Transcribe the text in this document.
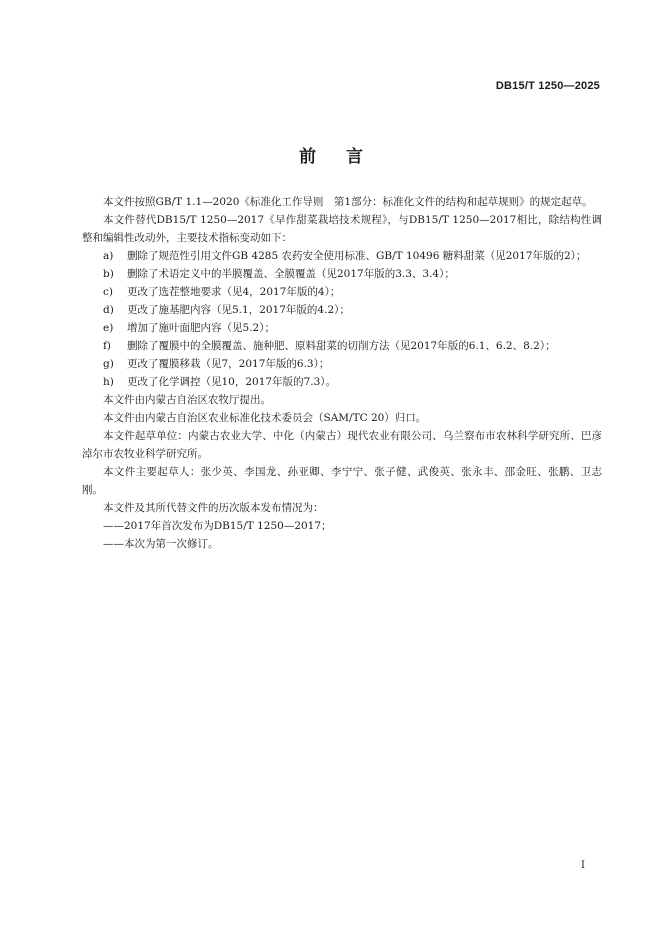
DB15/T 1250—2025
前言

本文件按照GB/T 1.1—2020《标准化工作导则　第1部分：标准化文件的结构和起草规则》的规定起草。

本文件替代DB15/T 1250—2017《早作甜菜栽培技术规程》，与DB15/T 1250—2017相比，除结构性调整和编辑性改动外，主要技术指标变动如下：

a) 删除了规范性引用文件GB 4285 农药安全使用标准、GB/T 10496 糖料甜菜（见2017年版的2）；

b) 删除了术语定义中的半膜覆盖、全膜覆盖（见2017年版的3.3、3.4）；

c) 更改了选茬整地要求（见4，2017年版的4）；

d) 更改了施基肥内容（见5.1，2017年版的4.2）；

e) 增加了施叶面肥内容（见5.2）；

f) 删除了覆膜中的全膜覆盖、施种肥、原料甜菜的切削方法（见2017年版的6.1、6.2、8.2）；

g) 更改了覆膜移栽（见7，2017年版的6.3）；

h) 更改了化学调控（见10，2017年版的7.3）。

本文件由内蒙古自治区农牧厅提出。

本文件由内蒙古自治区农业标准化技术委员会（SAM/TC 20）归口。

本文件起草单位：内蒙古农业大学、中化（内蒙古）现代农业有限公司、乌兰察布市农林科学研究所、巴彦淖尔市农牧业科学研究所。

本文件主要起草人：张少英、李国龙、孙亚卿、李宁宁、张子健、武俊英、张永丰、邵金旺、张鹏、卫志刚。

本文件及其所代替文件的历次版本发布情况为：

——2017年首次发布为DB15/T 1250—2017；

——本次为第一次修订。

I
